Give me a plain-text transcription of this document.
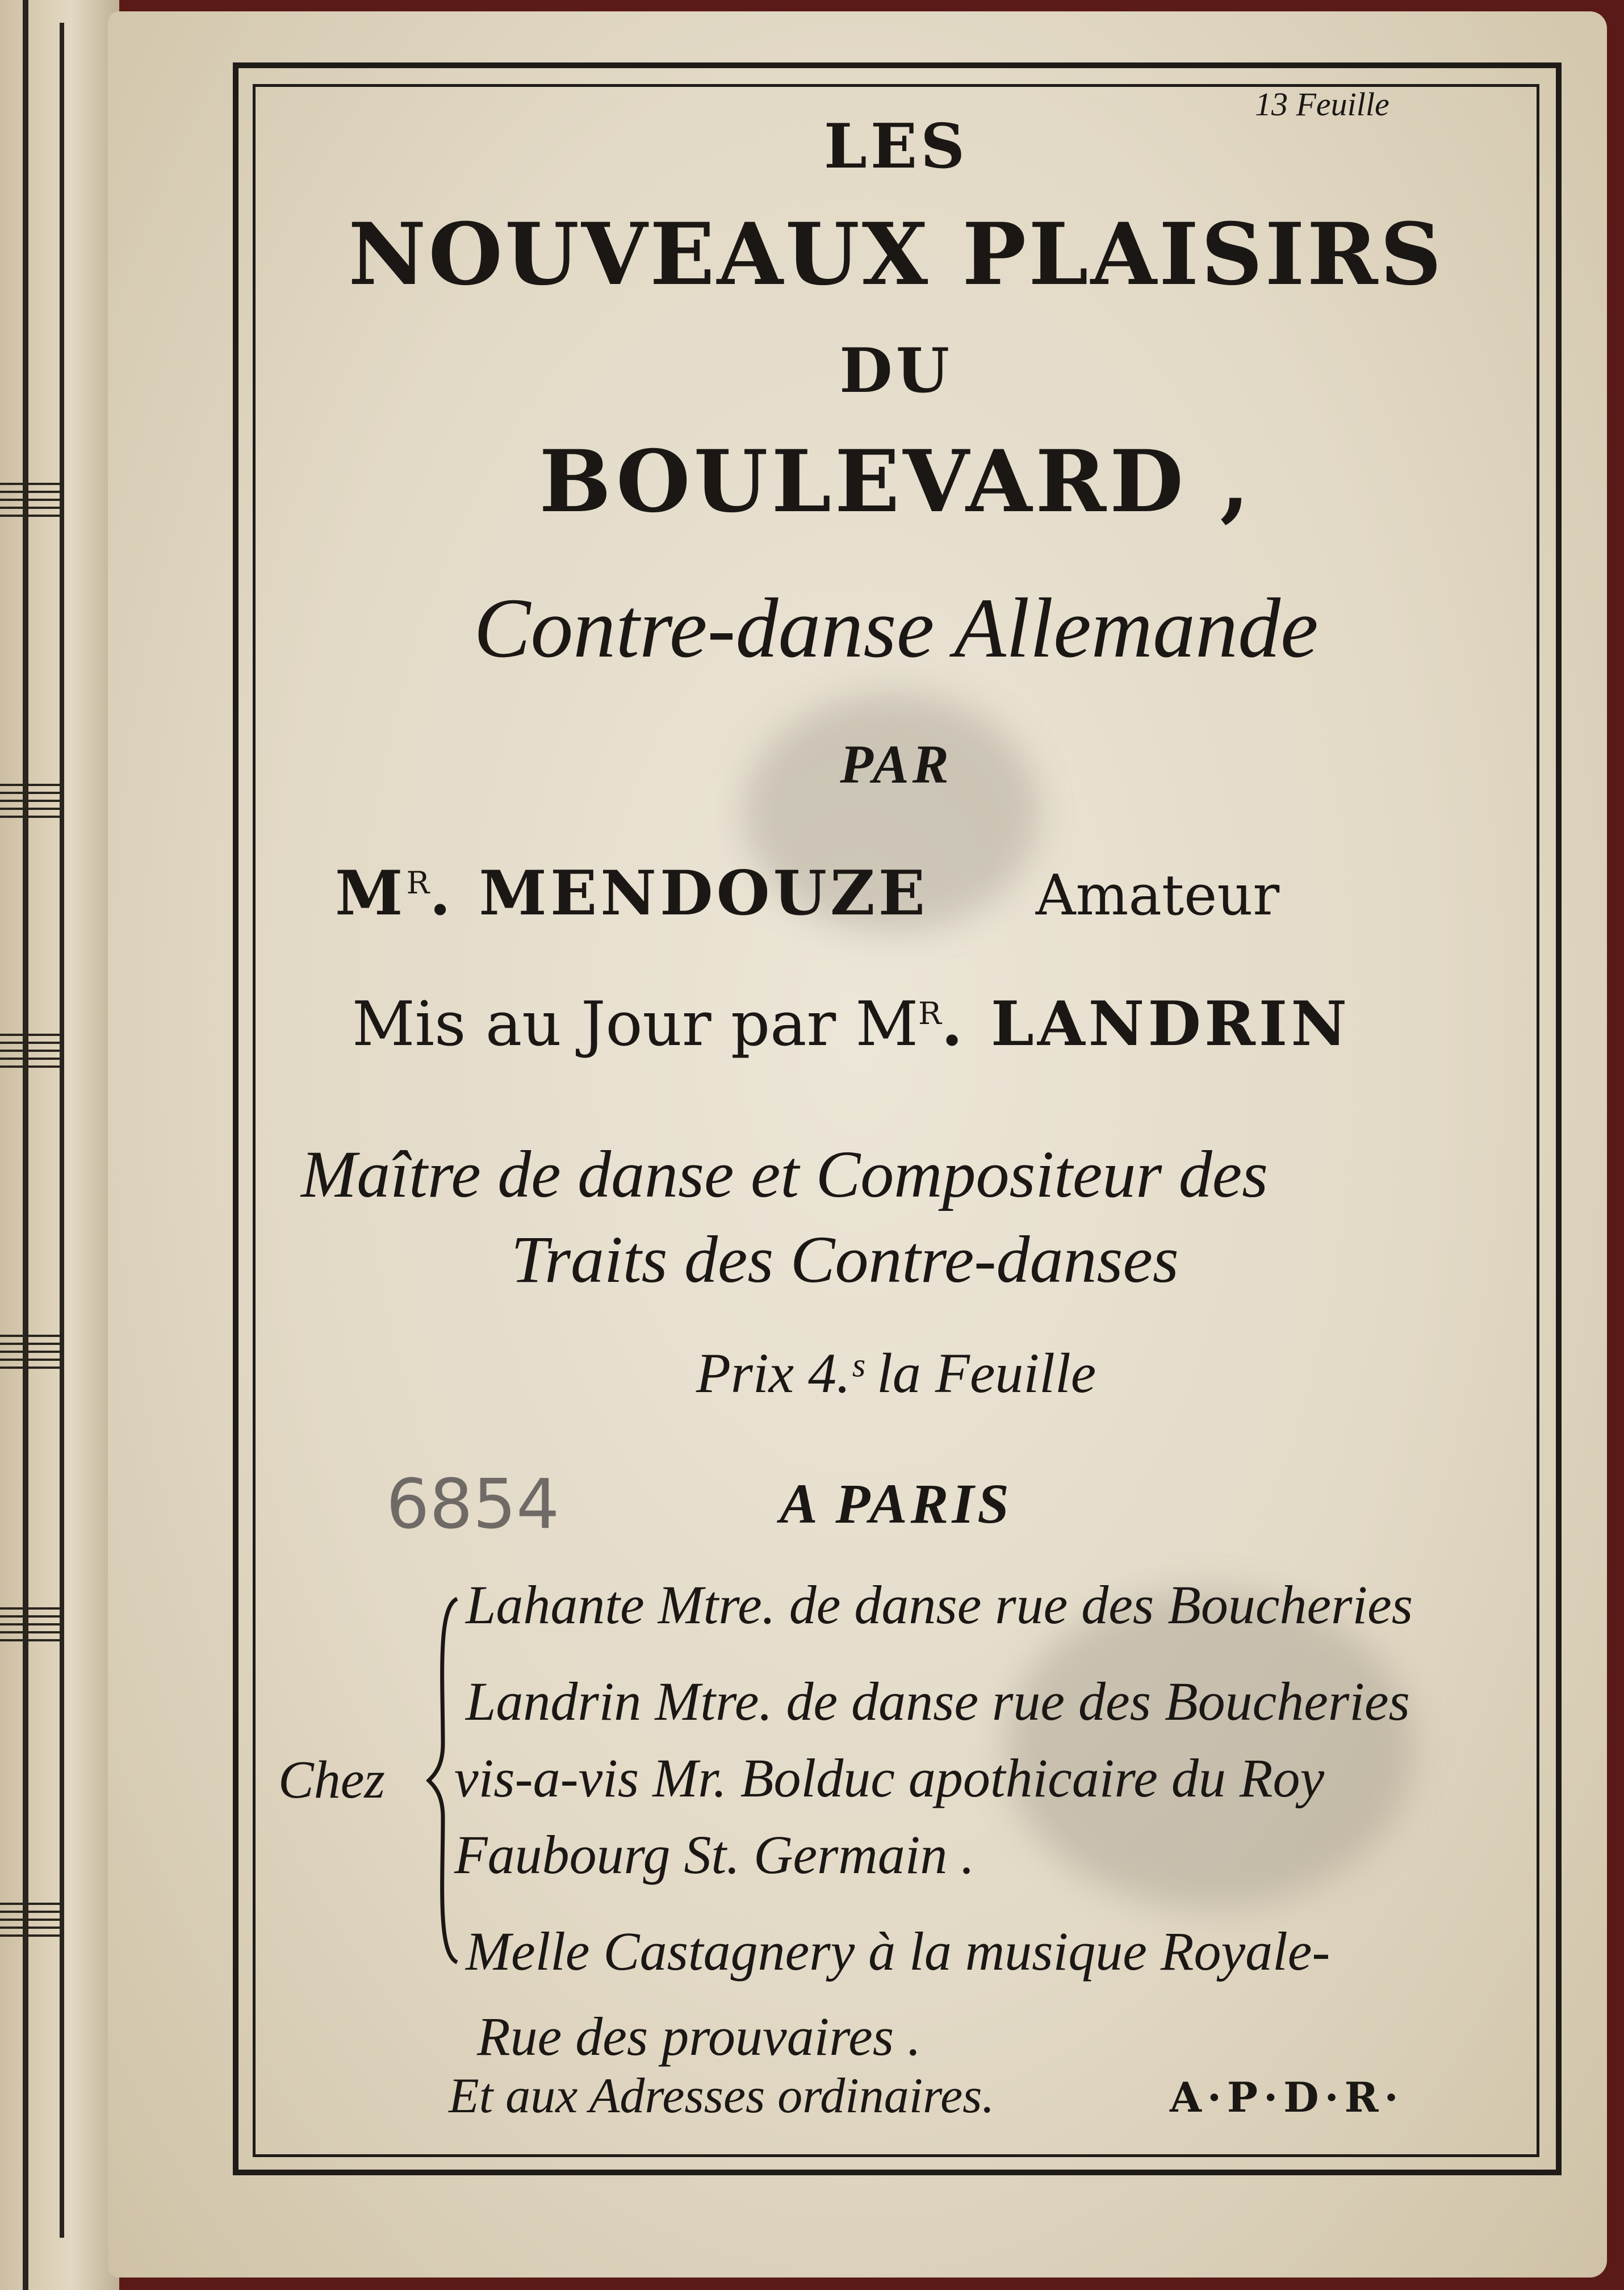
13 Feuille
LES
NOUVEAUX PLAISIRS
DU
BOULEVARD ,
Contre-danse Allemande
PAR
$M^R$. MENDOUZE Amateur
Mis au Jour par $M^R$. LANDRIN
Maître de danse et Compositeur des
Traits des Contre-danses
Prix 4.ˢ la Feuille
6854	A PARIS
Chez
Lahante Mtre. de danse rue des Boucheries
Landrin Mtre. de danse rue des Boucheries
vis-a-vis Mr. Bolduc apothicaire du Roy
Faubourg St. Germain .
Melle Castagnery à la musique Royale-
Rue des prouvaires .
Et aux Adresses ordinaires.	A·P·D·R·
